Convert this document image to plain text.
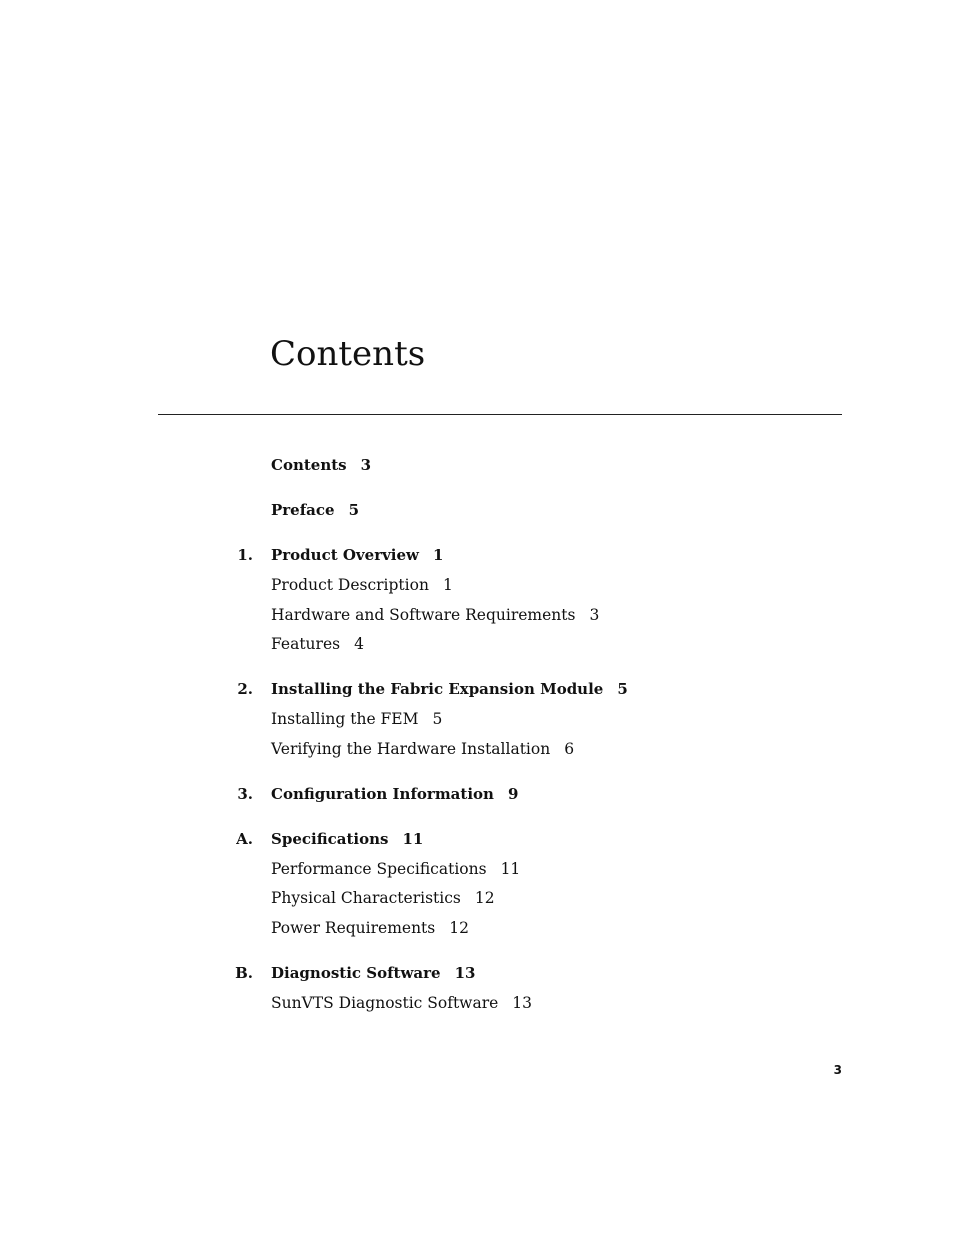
Contents
Contents 3
Preface 5
1. Product Overview 1
Product Description 1
Hardware and Software Requirements 3
Features 4
2. Installing the Fabric Expansion Module 5
Installing the FEM 5
Verifying the Hardware Installation 6
3. Configuration Information 9
A. Specifications 11
Performance Specifications 11
Physical Characteristics 12
Power Requirements 12
B. Diagnostic Software 13
SunVTS Diagnostic Software 13
3
